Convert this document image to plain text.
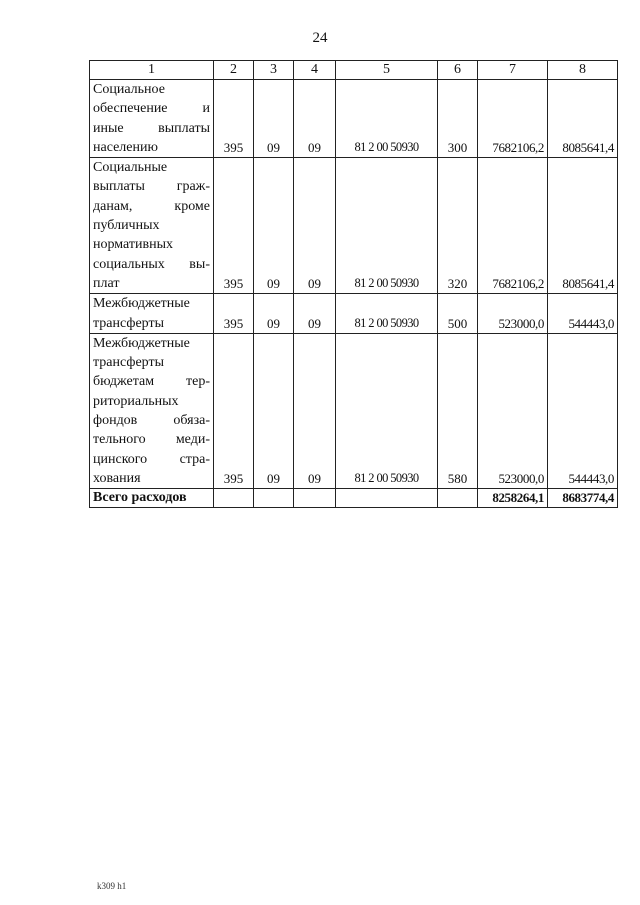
24
1	2	3	4	5	6	7	8
Социальное обеспечение и иные выплаты населению	395	09	09	81 2 00 50930	300	7682106,2	8085641,4
Социальные выплаты гражданам, кроме публичных нормативных социальных выплат	395	09	09	81 2 00 50930	320	7682106,2	8085641,4
Межбюджетные трансферты	395	09	09	81 2 00 50930	500	523000,0	544443,0
Межбюджетные трансферты бюджетам территориальных фондов обязательного медицинского страхования	395	09	09	81 2 00 50930	580	523000,0	544443,0
Всего расходов						8258264,1	8683774,4
k309 h1
